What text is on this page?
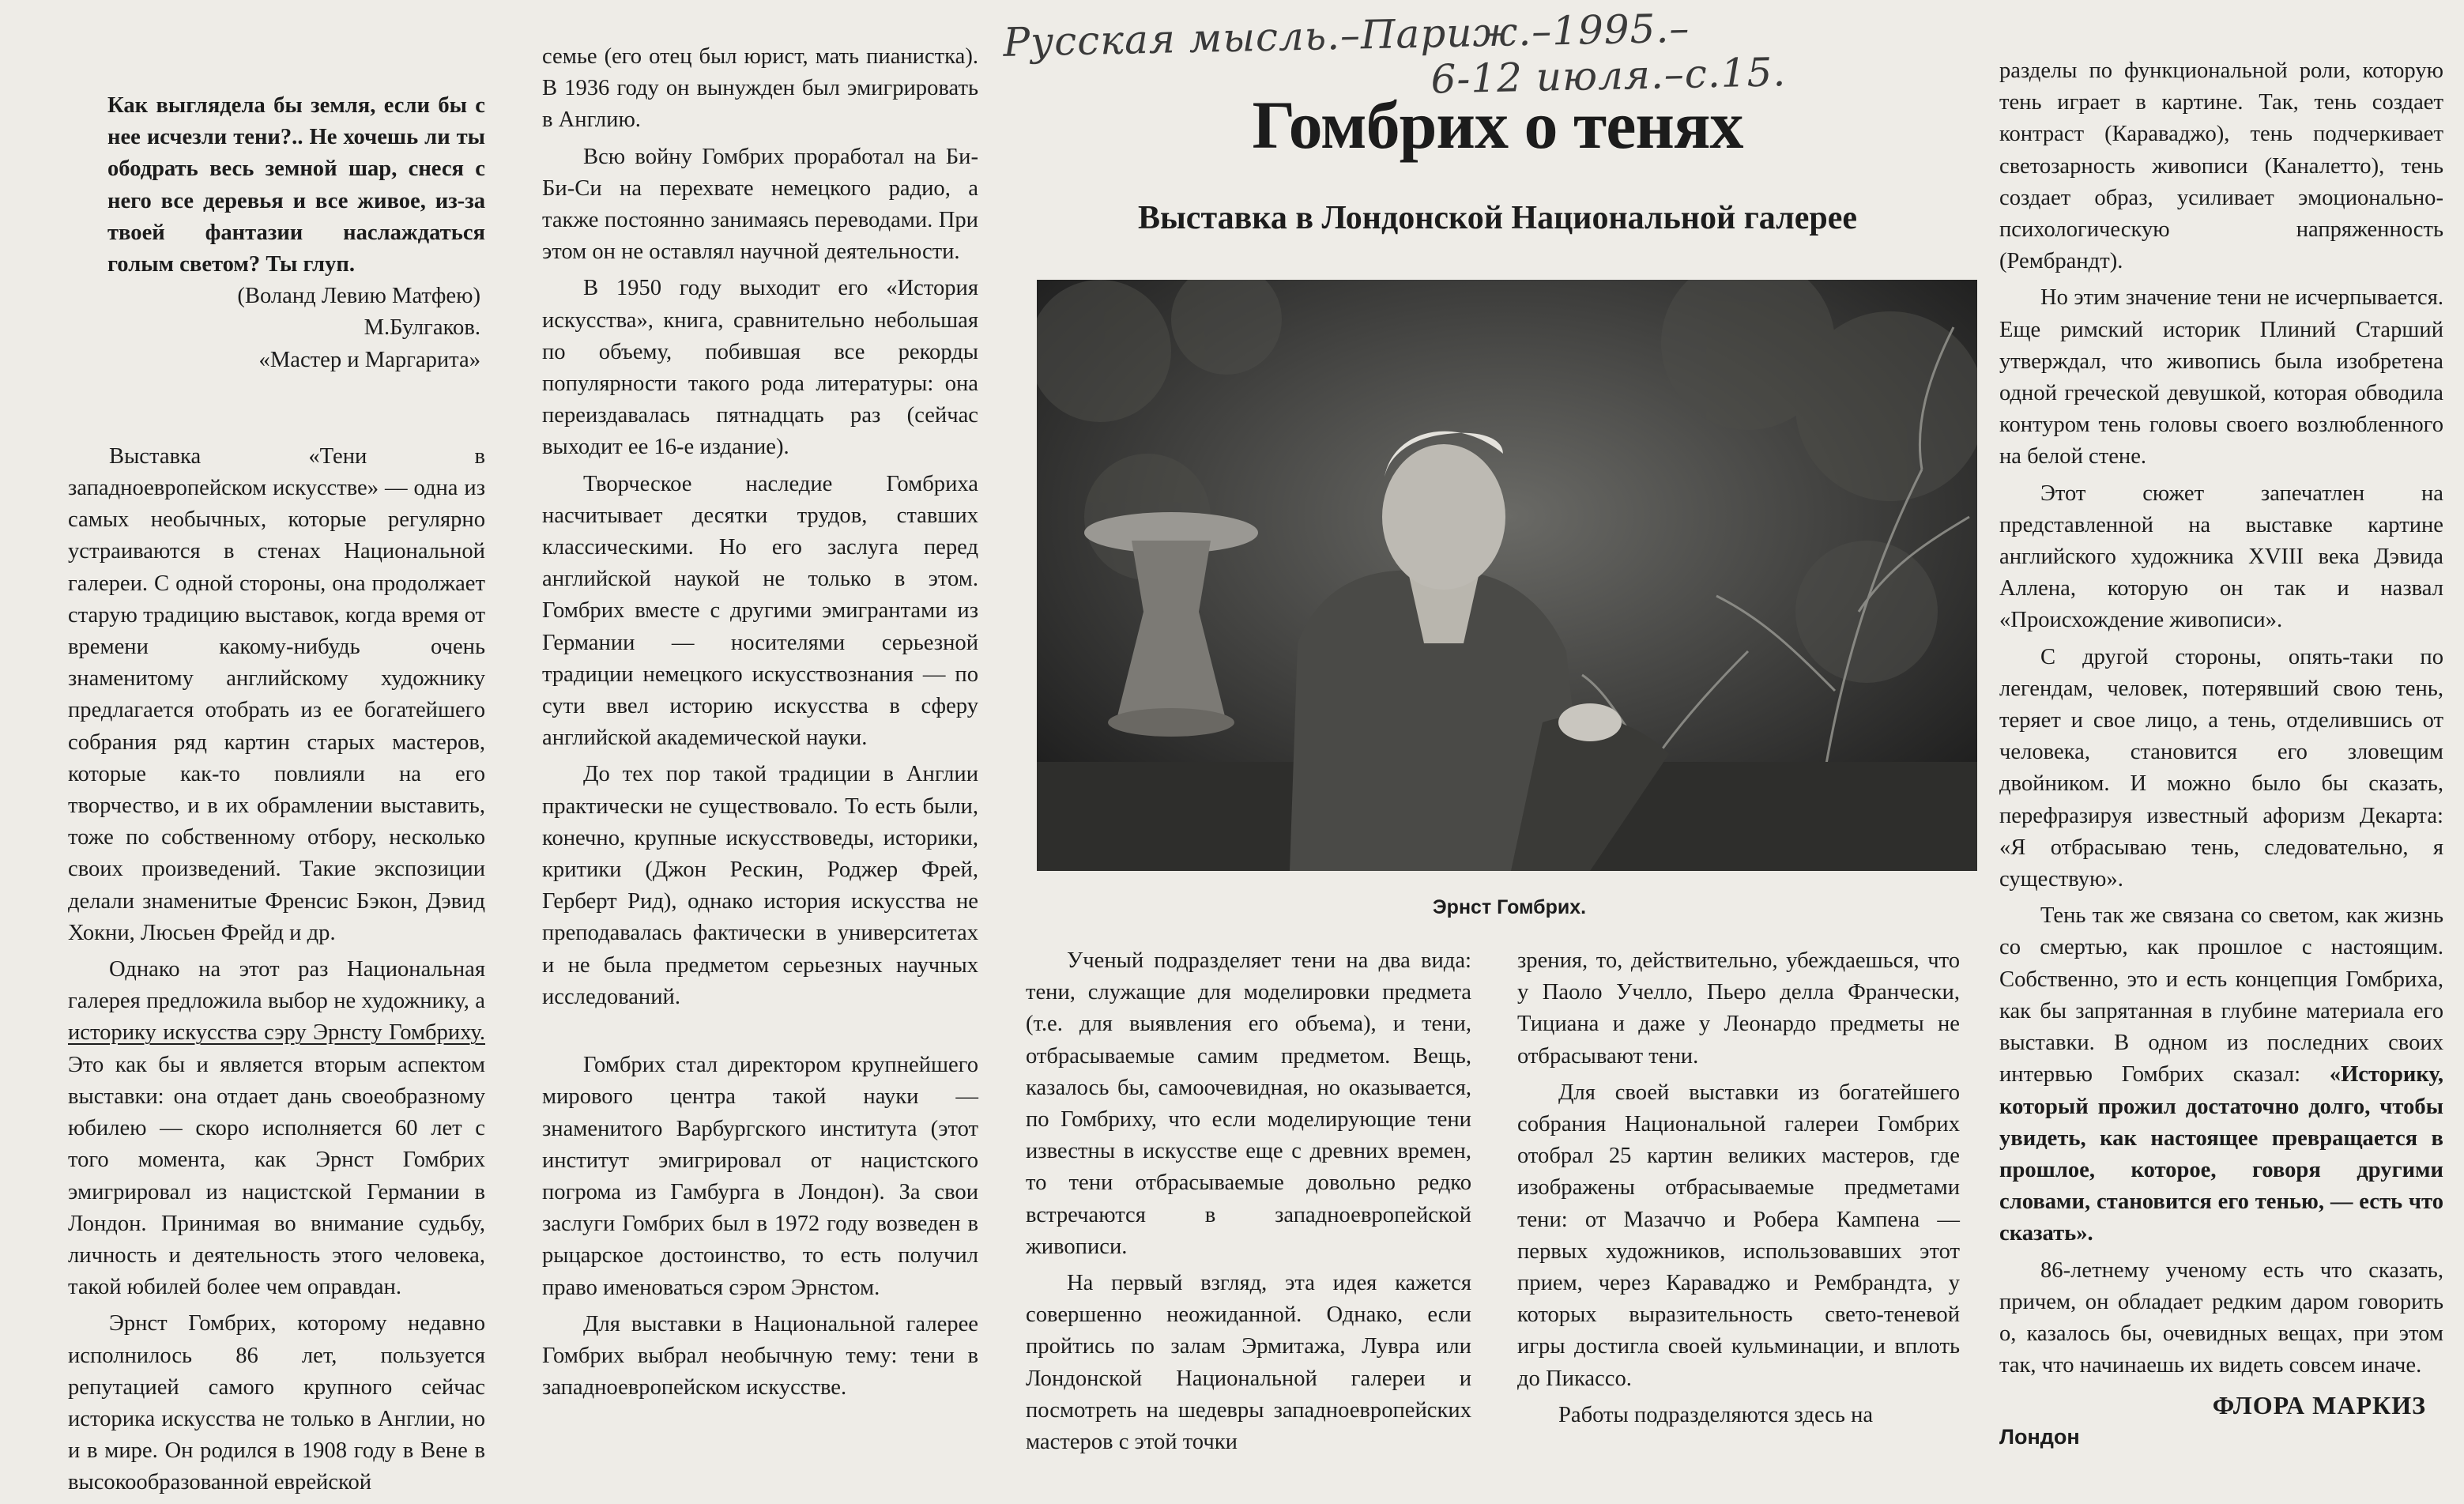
Русская мысль.–Париж.–1995.–
6-12 июля.–с.15.

Как выглядела бы земля, если бы с нее исчезли тени?.. Не хочешь ли ты ободрать весь земной шар, снеся с него все деревья и все живое, из-за твоей фантазии наслаждаться голым светом? Ты глуп.

(Воланд Левию Матфею)
М.Булгаков.
«Мастер и Маргарита»

Выставка «Тени в западноевропейском искусстве» — одна из самых необычных, которые регулярно устраиваются в стенах Национальной галереи. С одной стороны, она продолжает старую традицию выставок, когда время от времени какому-нибудь очень знаменитому английскому художнику предлагается отобрать из ее богатейшего собрания ряд картин старых мастеров, которые как-то повлияли на его творчество, и в их обрамлении выставить, тоже по собственному отбору, несколько своих произведений. Такие экспозиции делали знаменитые Френсис Бэкон, Дэвид Хокни, Люсьен Фрейд и др.

Однако на этот раз Национальная галерея предложила выбор не художнику, а историку искусства сэру Эрнсту Гомбриху. Это как бы и является вторым аспектом выставки: она отдает дань своеобразному юбилею — скоро исполняется 60 лет с того момента, как Эрнст Гомбрих эмигрировал из нацистской Германии в Лондон. Принимая во внимание судьбу, личность и деятельность этого человека, такой юбилей более чем оправдан.

Эрнст Гомбрих, которому недавно исполнилось 86 лет, пользуется репутацией самого крупного сейчас историка искусства не только в Англии, но и в мире. Он родился в 1908 году в Вене в высокообразованной еврейской

семье (его отец был юрист, мать пианистка). В 1936 году он вынужден был эмигрировать в Англию.

Всю войну Гомбрих проработал на Би-Би-Си на перехвате немецкого радио, а также постоянно занимаясь переводами. При этом он не оставлял научной деятельности.

В 1950 году выходит его «История искусства», книга, сравнительно небольшая по объему, побившая все рекорды популярности такого рода литературы: она переиздавалась пятнадцать раз (сейчас выходит ее 16-е издание).

Творческое наследие Гомбриха насчитывает десятки трудов, ставших классическими. Но его заслуга перед английской наукой не только в этом. Гомбрих вместе с другими эмигрантами из Германии — носителями серьезной традиции немецкого искусствознания — по сути ввел историю искусства в сферу английской академической науки.

До тех пор такой традиции в Англии практически не существовало. То есть были, конечно, крупные искусствоведы, историки, критики (Джон Рескин, Роджер Фрей, Герберт Рид), однако история искусства не преподавалась фактически в университетах и не была предметом серьезных научных исследований.

Гомбрих стал директором крупнейшего мирового центра такой науки — знаменитого Варбургского института (этот институт эмигрировал от нацистского погрома из Гамбурга в Лондон). За свои заслуги Гомбрих был в 1972 году возведен в рыцарское достоинство, то есть получил право именоваться сэром Эрнстом.

Для выставки в Национальной галерее Гомбрих выбрал необычную тему: тени в западноевропейском искусстве.

Гомбрих о тенях
Выставка в Лондонской Национальной галерее
Эрнст Гомбрих.

Ученый подразделяет тени на два вида: тени, служащие для моделировки предмета (т.е. для выявления его объема), и тени, отбрасываемые самим предметом. Вещь, казалось бы, самоочевидная, но оказывается, по Гомбриху, что если моделирующие тени известны в искусстве еще с древних времен, то тени отбрасываемые довольно редко встречаются в западноевропейской живописи.

На первый взгляд, эта идея кажется совершенно неожиданной. Однако, если пройтись по залам Эрмитажа, Лувра или Лондонской Национальной галереи и посмотреть на шедевры западноевропейских мастеров с этой точки

зрения, то, действительно, убеждаешься, что у Паоло Учелло, Пьеро делла Франчески, Тициана и даже у Леонардо предметы не отбрасывают тени.

Для своей выставки из богатейшего собрания Национальной галереи Гомбрих отобрал 25 картин великих мастеров, где изображены отбрасываемые предметами тени: от Мазаччо и Робера Кампена — первых художников, использовавших этот прием, через Караваджо и Рембрандта, у которых выразительность свето-теневой игры достигла своей кульминации, и вплоть до Пикассо.

Работы подразделяются здесь на

разделы по функциональной роли, которую тень играет в картине. Так, тень создает контраст (Караваджо), тень подчеркивает светозарность живописи (Каналетто), тень создает образ, усиливает эмоционально-психологическую напряженность (Рембрандт).

Но этим значение тени не исчерпывается. Еще римский историк Плиний Старший утверждал, что живопись была изобретена одной греческой девушкой, которая обводила контуром тень головы своего возлюбленного на белой стене.

Этот сюжет запечатлен на представленной на выставке картине английского художника XVIII века Дэвида Аллена, которую он так и назвал «Происхождение живописи».

С другой стороны, опять-таки по легендам, человек, потерявший свою тень, теряет и свое лицо, а тень, отделившись от человека, становится его зловещим двойником. И можно было бы сказать, перефразируя известный афоризм Декарта: «Я отбрасываю тень, следовательно, я существую».

Тень так же связана со светом, как жизнь со смертью, как прошлое с настоящим. Собственно, это и есть концепция Гомбриха, как бы запрятанная в глубине материала его выставки. В одном из последних своих интервью Гомбрих сказал: «Историку, который прожил достаточно долго, чтобы увидеть, как настоящее превращается в прошлое, которое, говоря другими словами, становится его тенью, — есть что сказать».

86-летнему ученому есть что сказать, причем, он обладает редким даром говорить о, казалось бы, очевидных вещах, при этом так, что начинаешь их видеть совсем иначе.

ФЛОРА МАРКИЗ
Лондон
